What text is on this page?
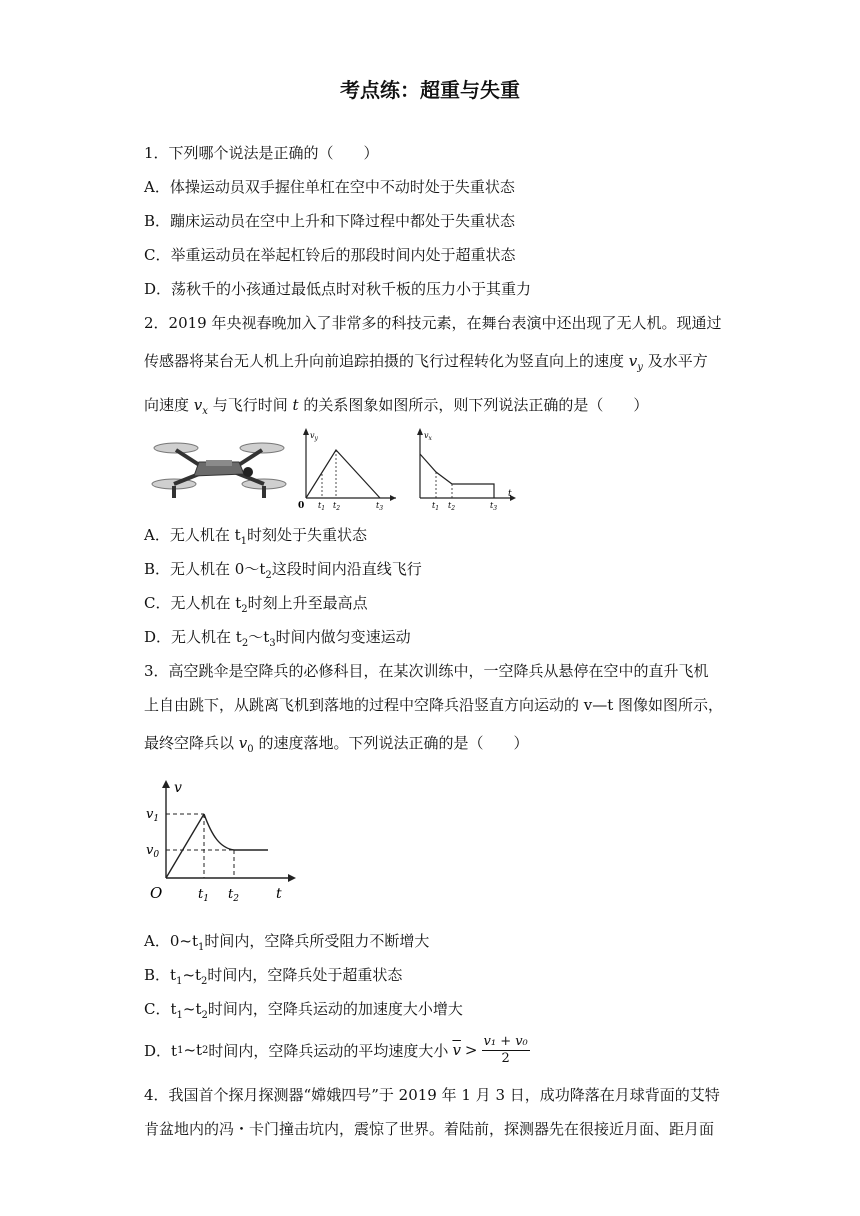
考点练：超重与失重
1．下列哪个说法是正确的（　　）
A．体操运动员双手握住单杠在空中不动时处于失重状态
B．蹦床运动员在空中上升和下降过程中都处于失重状态
C．举重运动员在举起杠铃后的那段时间内处于超重状态
D．荡秋千的小孩通过最低点时对秋千板的压力小于其重力
2．2019 年央视春晚加入了非常多的科技元素，在舞台表演中还出现了无人机。现通过
传感器将某台无人机上升向前追踪拍摄的飞行过程转化为竖直向上的速度 $v_y$ 及水平方
向速度 $v_x$ 与飞行时间 t 的关系图象如图所示，则下列说法正确的是（　　）
$v_y$
0 $t_1$ $t_2$	$t_3$
$v_x$
$t_1$ $t_2$	$t_3$
t
A．无人机在 $t_1$时刻处于失重状态
B．无人机在 $0\sim t_2$这段时间内沿直线飞行
C．无人机在 $t_2$时刻上升至最高点
D．无人机在 $t_2\sim t_3$时间内做匀变速运动
3．高空跳伞是空降兵的必修科目，在某次训练中，一空降兵从悬停在空中的直升飞机
上自由跳下，从跳离飞机到落地的过程中空降兵沿竖直方向运动的 v—t 图像如图所示，
最终空降兵以 $v_0$ 的速度落地。下列说法正确的是（　　）
v
$v_1$
$v_0$
O	$t_1$ $t_2$	t
A．$0\sim t_1$时间内，空降兵所受阻力不断增大
B．$t_1\sim t_2$时间内，空降兵处于超重状态
C．$t_1\sim t_2$时间内，空降兵运动的加速度大小增大
D．t 1 ~t 2 时间内，空降兵运动的平均速度大小 $\overline{v} > v_1 + v_0$
2
4．我国首个探月探测器“嫦娥四号”于 2019 年 1 月 3 日，成功降落在月球背面的艾特
肯盆地内的冯・卡门撞击坑内，震惊了世界。着陆前，探测器先在很接近月面、距月面
